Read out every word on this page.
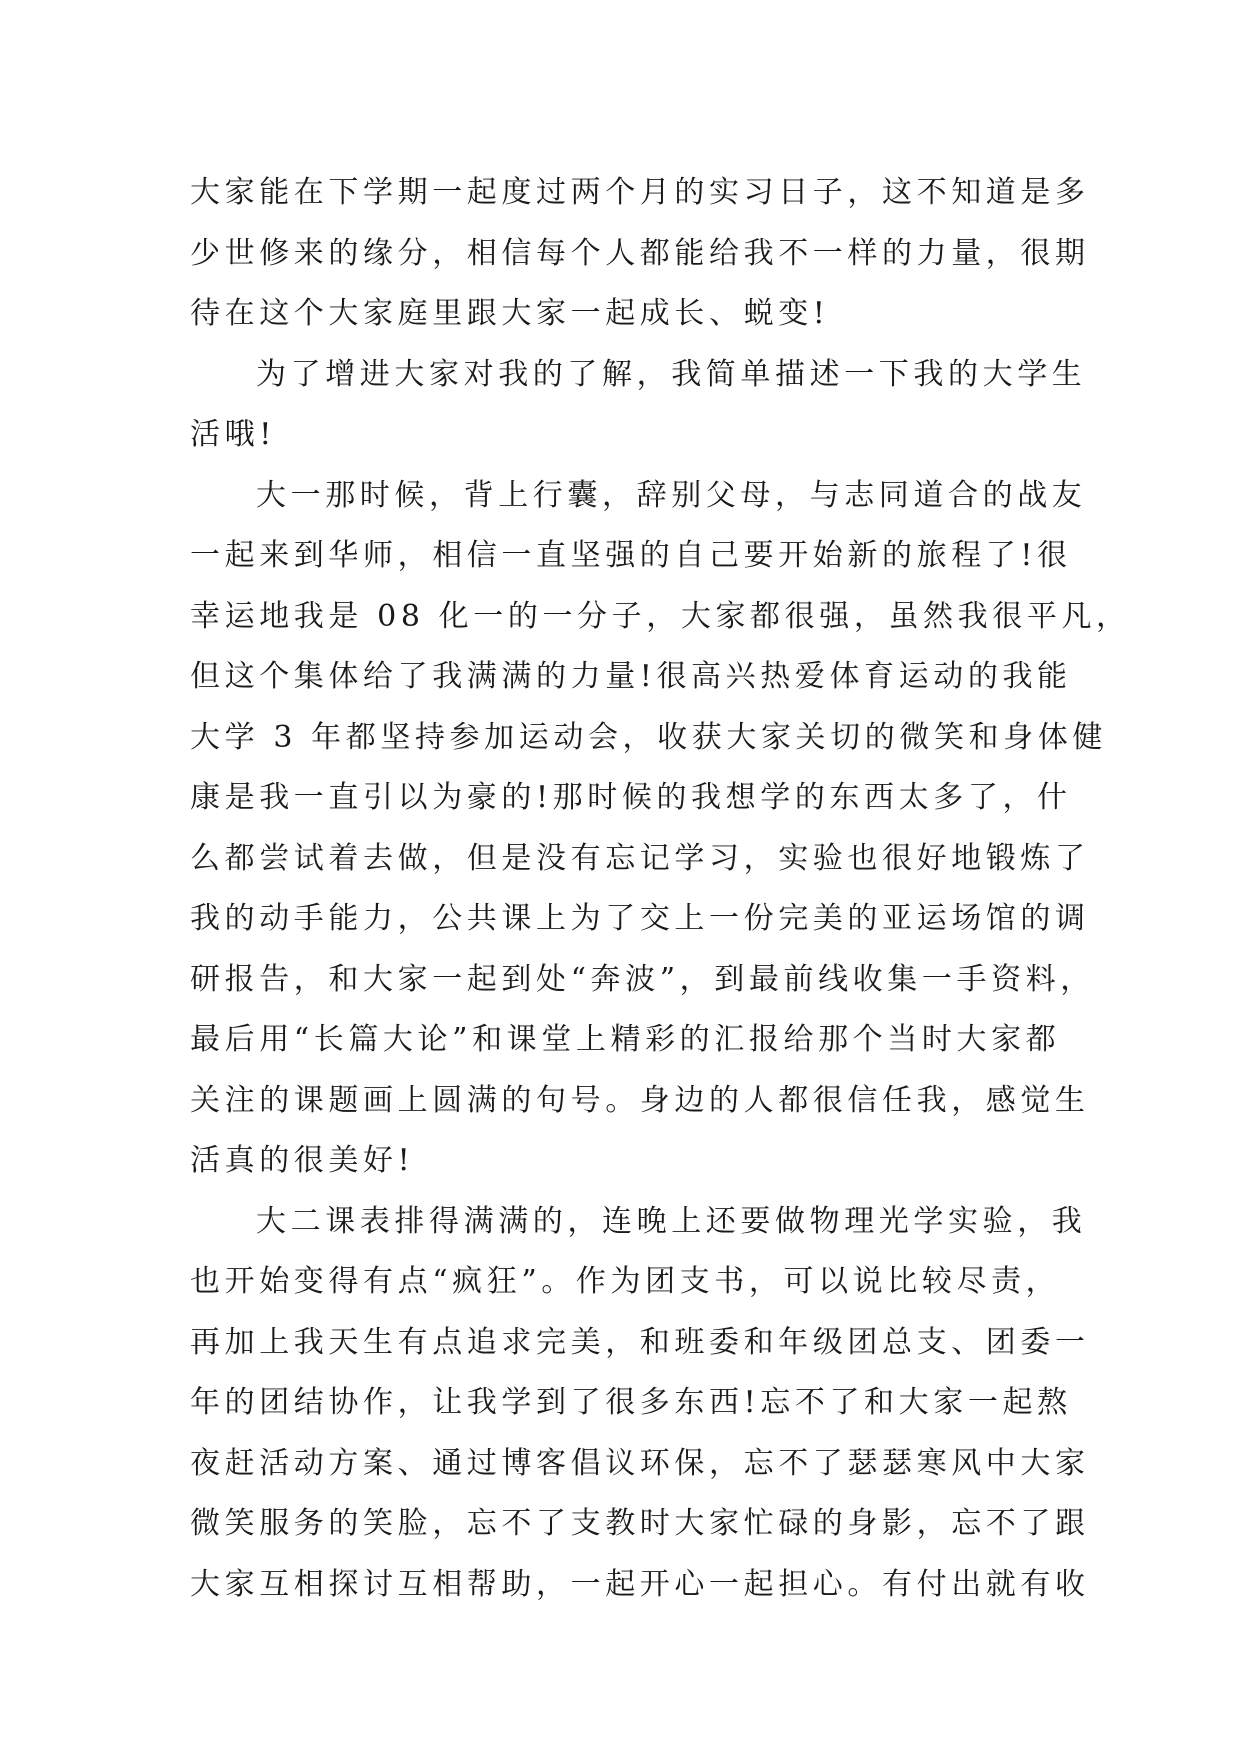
大家能在下学期一起度过两个月的实习日子，这不知道是多
少世修来的缘分，相信每个人都能给我不一样的力量，很期
待在这个大家庭里跟大家一起成长、蜕变!
为了增进大家对我的了解，我简单描述一下我的大学生
活哦!
大一那时候，背上行囊，辞别父母，与志同道合的战友
一起来到华师，相信一直坚强的自己要开始新的旅程了!很
幸运地我是 08 化一的一分子，大家都很强，虽然我很平凡，
但这个集体给了我满满的力量!很高兴热爱体育运动的我能
大学 3 年都坚持参加运动会，收获大家关切的微笑和身体健
康是我一直引以为豪的!那时候的我想学的东西太多了，什
么都尝试着去做，但是没有忘记学习，实验也很好地锻炼了
我的动手能力，公共课上为了交上一份完美的亚运场馆的调
研报告，和大家一起到处“奔波”，到最前线收集一手资料，
最后用“长篇大论”和课堂上精彩的汇报给那个当时大家都
关注的课题画上圆满的句号。身边的人都很信任我，感觉生
活真的很美好!
大二课表排得满满的，连晚上还要做物理光学实验，我
也开始变得有点“疯狂”。作为团支书，可以说比较尽责，
再加上我天生有点追求完美，和班委和年级团总支、团委一
年的团结协作，让我学到了很多东西!忘不了和大家一起熬
夜赶活动方案、通过博客倡议环保，忘不了瑟瑟寒风中大家
微笑服务的笑脸，忘不了支教时大家忙碌的身影，忘不了跟
大家互相探讨互相帮助，一起开心一起担心。有付出就有收
